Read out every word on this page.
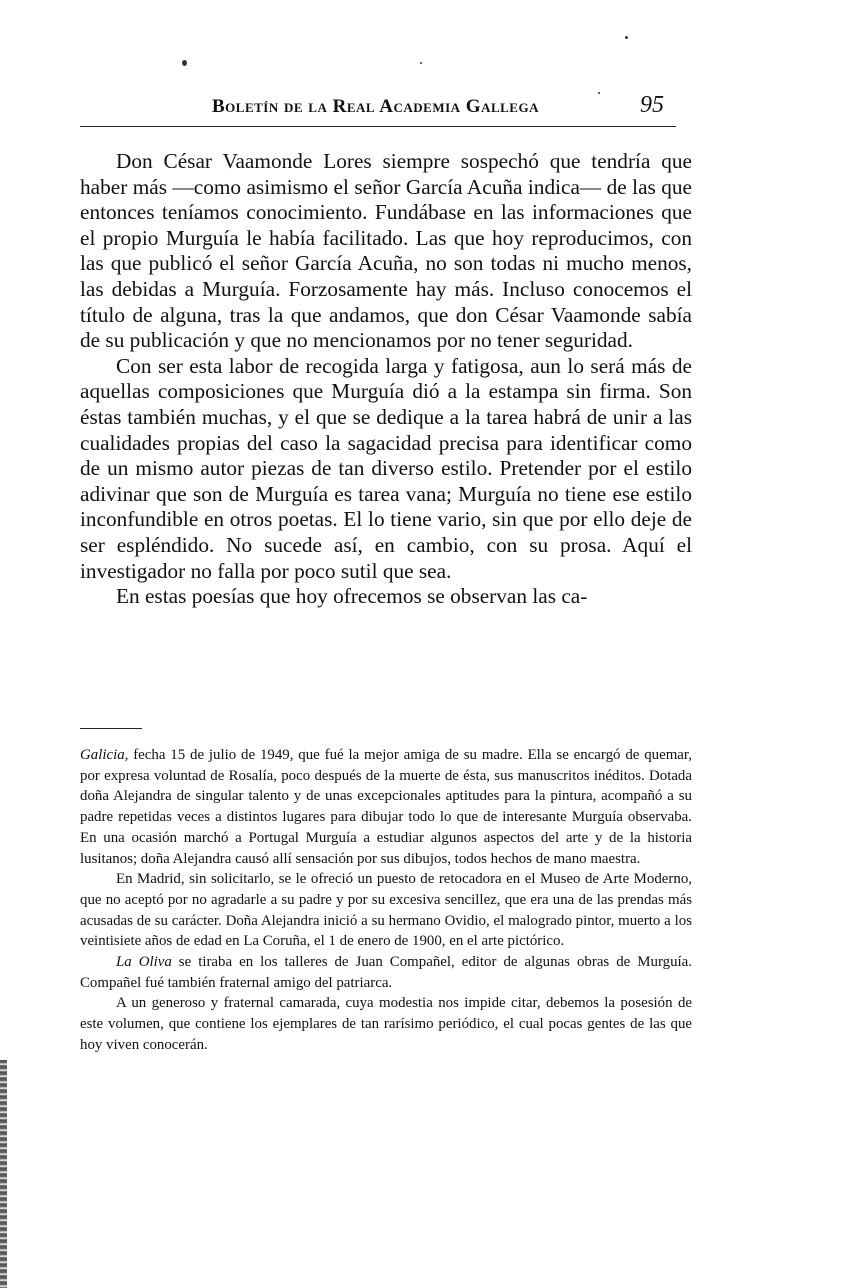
Boletín de la Real Academia Gallega	95

Don César Vaamonde Lores siempre sospechó que tendría que haber más —como asimismo el señor García Acuña indica— de las que entonces teníamos conocimiento. Fundábase en las informaciones que el propio Murguía le había facilitado. Las que hoy reproducimos, con las que publicó el señor García Acuña, no son todas ni mucho menos, las debidas a Murguía. Forzosamente hay más. Incluso conocemos el título de alguna, tras la que andamos, que don César Vaamonde sabía de su publicación y que no mencionamos por no tener seguridad.

Con ser esta labor de recogida larga y fatigosa, aun lo será más de aquellas composiciones que Murguía dió a la estampa sin firma. Son éstas también muchas, y el que se dedique a la tarea habrá de unir a las cualidades propias del caso la sagacidad precisa para identificar como de un mismo autor piezas de tan diverso estilo. Pretender por el estilo adivinar que son de Murguía es tarea vana; Murguía no tiene ese estilo inconfundible en otros poetas. El lo tiene vario, sin que por ello deje de ser espléndido. No sucede así, en cambio, con su prosa. Aquí el investigador no falla por poco sutil que sea.

En estas poesías que hoy ofrecemos se observan las ca-

Galicia, fecha 15 de julio de 1949, que fué la mejor amiga de su madre. Ella se encargó de quemar, por expresa voluntad de Rosalía, poco después de la muerte de ésta, sus manuscritos inéditos. Dotada doña Alejandra de singular talento y de unas excepcionales aptitudes para la pintura, acompañó a su padre repetidas veces a distintos lugares para dibujar todo lo que de interesante Murguía observaba. En una ocasión marchó a Portugal Murguía a estudiar algunos aspectos del arte y de la historia lusitanos; doña Alejandra causó allí sensación por sus dibujos, todos hechos de mano maestra.

En Madrid, sin solicitarlo, se le ofreció un puesto de retocadora en el Museo de Arte Moderno, que no aceptó por no agradarle a su padre y por su excesiva sencillez, que era una de las prendas más acusadas de su carácter. Doña Alejandra inició a su hermano Ovidio, el malogrado pintor, muerto a los veintisiete años de edad en La Coruña, el 1 de enero de 1900, en el arte pictórico.

La Oliva se tiraba en los talleres de Juan Compañel, editor de algunas obras de Murguía. Compañel fué también fraternal amigo del patriarca.

A un generoso y fraternal camarada, cuya modestia nos impide citar, debemos la posesión de este volumen, que contiene los ejemplares de tan rarísimo periódico, el cual pocas gentes de las que hoy viven conocerán.
